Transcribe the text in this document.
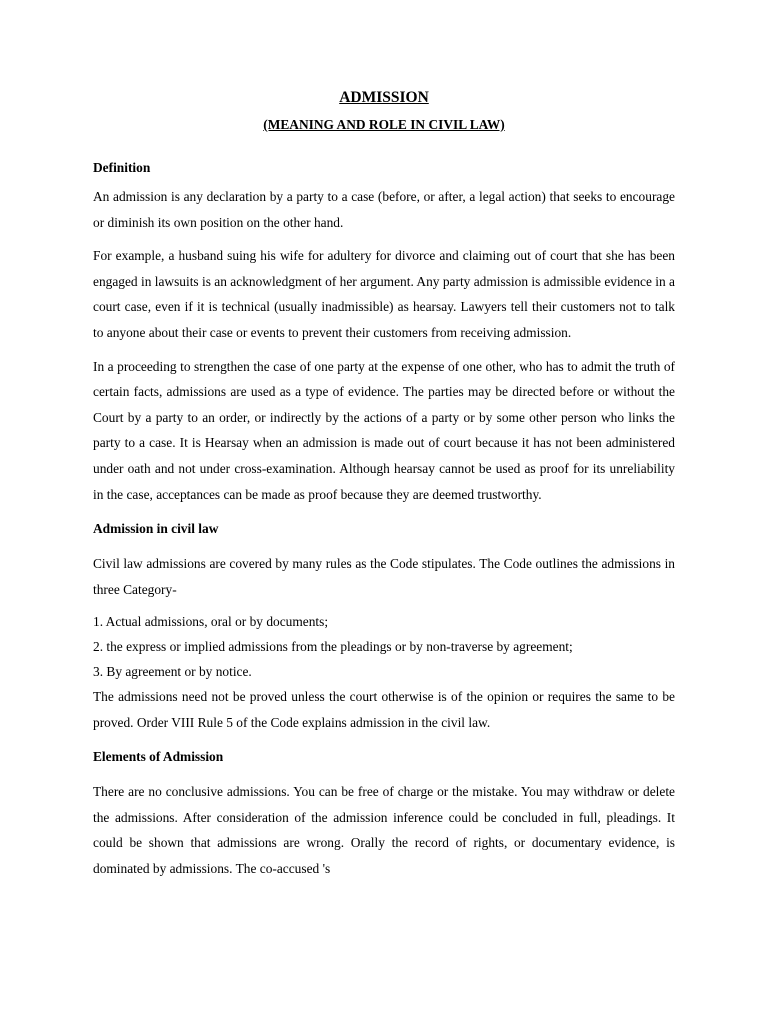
ADMISSION

(MEANING AND ROLE IN CIVIL LAW)

Definition

An admission is any declaration by a party to a case (before, or after, a legal action) that seeks to encourage or diminish its own position on the other hand.

For example, a husband suing his wife for adultery for divorce and claiming out of court that she has been engaged in lawsuits is an acknowledgment of her argument. Any party admission is admissible evidence in a court case, even if it is technical (usually inadmissible) as hearsay. Lawyers tell their customers not to talk to anyone about their case or events to prevent their customers from receiving admission.

In a proceeding to strengthen the case of one party at the expense of one other, who has to admit the truth of certain facts, admissions are used as a type of evidence. The parties may be directed before or without the Court by a party to an order, or indirectly by the actions of a party or by some other person who links the party to a case. It is Hearsay when an admission is made out of court because it has not been administered under oath and not under cross-examination. Although hearsay cannot be used as proof for its unreliability in the case, acceptances can be made as proof because they are deemed trustworthy.

Admission in civil law

Civil law admissions are covered by many rules as the Code stipulates. The Code outlines the admissions in three Category-

1. Actual admissions, oral or by documents;

2. the express or implied admissions from the pleadings or by non-traverse by agreement;

3. By agreement or by notice.

The admissions need not be proved unless the court otherwise is of the opinion or requires the same to be proved. Order VIII Rule 5 of the Code explains admission in the civil law.

Elements of Admission

There are no conclusive admissions. You can be free of charge or the mistake. You may withdraw or delete the admissions. After consideration of the admission inference could be concluded in full, pleadings. It could be shown that admissions are wrong. Orally the record of rights, or documentary evidence, is dominated by admissions. The co-accused 's
